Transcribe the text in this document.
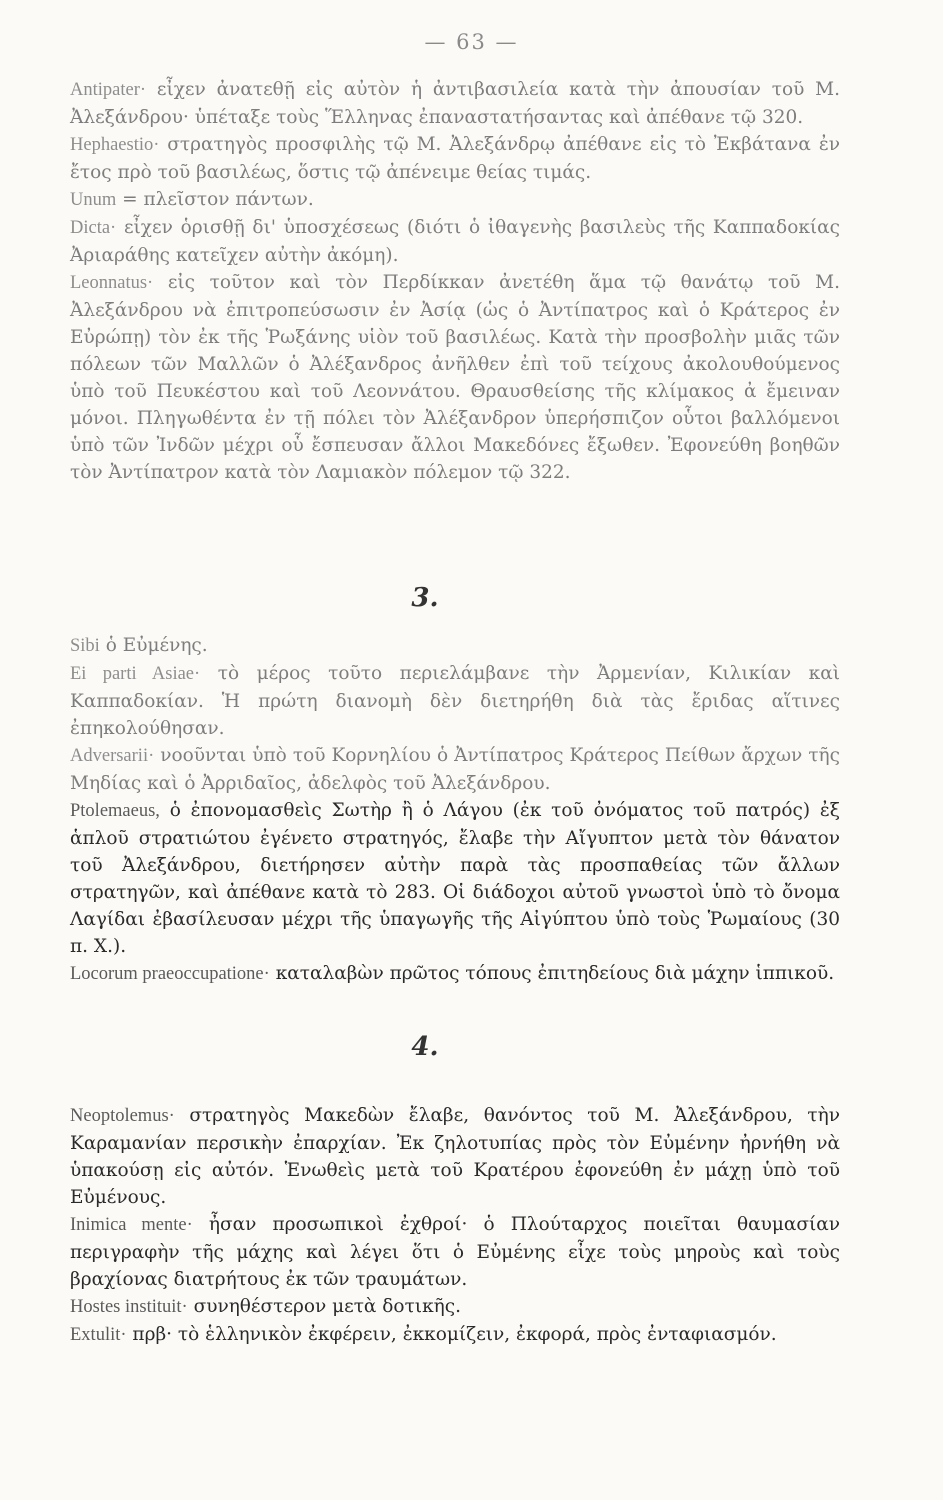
— 63 —

Antipater· εἶχεν ἀνατεθῇ εἰς αὐτὸν ἡ ἀντιβασιλεία κατὰ τὴν ἀπουσίαν τοῦ Μ. Ἀλεξάνδρου· ὑπέταξε τοὺς Ἕλληνας ἐπαναστατήσαντας καὶ ἀπέθανε τῷ 320.

Hephaestio· στρατηγὸς προσφιλὴς τῷ Μ. Ἀλεξάνδρῳ ἀπέθανε εἰς τὸ Ἐκβάτανα ἐν ἔτος πρὸ τοῦ βασιλέως, ὅστις τῷ ἀπένειμε θείας τιμάς.

Unum = πλεῖστον πάντων.

Dicta· εἶχεν ὁρισθῇ δι' ὑποσχέσεως (διότι ὁ ἰθαγενὴς βασιλεὺς τῆς Καππαδοκίας Ἀριαράθης κατεῖχεν αὐτὴν ἀκόμη).

Leonnatus· εἰς τοῦτον καὶ τὸν Περδίκκαν ἀνετέθη ἅμα τῷ θανάτῳ τοῦ Μ. Ἀλεξάνδρου νὰ ἐπιτροπεύσωσιν ἐν Ἀσίᾳ (ὡς ὁ Ἀντίπατρος καὶ ὁ Κράτερος ἐν Εὐρώπῃ) τὸν ἐκ τῆς Ῥωξάνης υἱὸν τοῦ βασιλέως. Κατὰ τὴν προσβολὴν μιᾶς τῶν πόλεων τῶν Μαλλῶν ὁ Ἀλέξανδρος ἀνῆλθεν ἐπὶ τοῦ τείχους ἀκολουθούμενος ὑπὸ τοῦ Πευκέστου καὶ τοῦ Λεοννάτου. Θραυσθείσης τῆς κλίμακος ἀ ἔμειναν μόνοι. Πληγωθέντα ἐν τῇ πόλει τὸν Ἀλέξανδρον ὑπερήσπιζον οὗτοι βαλλόμενοι ὑπὸ τῶν Ἰνδῶν μέχρι οὗ ἔσπευσαν ἄλλοι Μακεδόνες ἔξωθεν. Ἐφονεύθη βοηθῶν τὸν Ἀντίπατρον κατὰ τὸν Λαμιακὸν πόλεμον τῷ 322.

3.

Sibi ὁ Εὐμένης.

Ei parti Asiae· τὸ μέρος τοῦτο περιελάμβανε τὴν Ἀρμενίαν, Κιλικίαν καὶ Καππαδοκίαν. Ἡ πρώτη διανομὴ δὲν διετηρήθη διὰ τὰς ἔριδας αἵτινες ἐπηκολούθησαν.

Adversarii· νοοῦνται ὑπὸ τοῦ Κορνηλίου ὁ Ἀντίπατρος Κράτερος Πείθων ἄρχων τῆς Μηδίας καὶ ὁ Ἀρριδαῖος, ἀδελφὸς τοῦ Ἀλεξάνδρου.

Ptolemaeus, ὁ ἐπονομασθεὶς Σωτὴρ ἢ ὁ Λάγου (ἐκ τοῦ ὀνόματος τοῦ πατρός) ἐξ ἁπλοῦ στρατιώτου ἐγένετο στρατηγός, ἔλαβε τὴν Αἴγυπτον μετὰ τὸν θάνατον τοῦ Ἀλεξάνδρου, διετήρησεν αὐτὴν παρὰ τὰς προσπαθείας τῶν ἄλλων στρατηγῶν, καὶ ἀπέθανε κατὰ τὸ 283. Οἱ διάδοχοι αὐτοῦ γνωστοὶ ὑπὸ τὸ ὄνομα Λαγίδαι ἐβασίλευσαν μέχρι τῆς ὑπαγωγῆς τῆς Αἰγύπτου ὑπὸ τοὺς Ῥωμαίους (30 π. Χ.).

Locorum praeoccupatione· καταλαβὼν πρῶτος τόπους ἐπιτηδείους διὰ μάχην ἱππικοῦ.

4.

Neoptolemus· στρατηγὸς Μακεδὼν ἔλαβε, θανόντος τοῦ Μ. Ἀλεξάνδρου, τὴν Καραμανίαν περσικὴν ἐπαρχίαν. Ἐκ ζηλοτυπίας πρὸς τὸν Εὐμένην ἠρνήθη νὰ ὑπακούσῃ εἰς αὐτόν. Ἑνωθεὶς μετὰ τοῦ Κρατέρου ἐφονεύθη ἐν μάχῃ ὑπὸ τοῦ Εὐμένους.

Inimica mente· ἦσαν προσωπικοὶ ἐχθροί· ὁ Πλούταρχος ποιεῖται θαυμασίαν περιγραφὴν τῆς μάχης καὶ λέγει ὅτι ὁ Εὐμένης εἶχε τοὺς μηροὺς καὶ τοὺς βραχίονας διατρήτους ἐκ τῶν τραυμάτων.

Hostes instituit· συνηθέστερον μετὰ δοτικῆς.

Extulit· πρβ· τὸ ἑλληνικὸν ἐκφέρειν, ἐκκομίζειν, ἐκφορά, πρὸς ἐνταφιασμόν.
